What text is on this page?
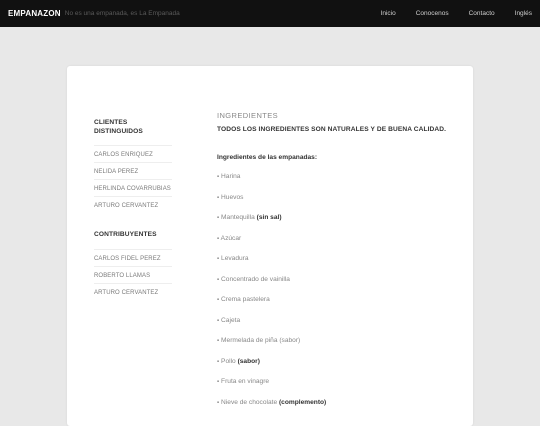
EMPANAZON No es una empanada, es La Empanada	Inicio	Conocenos	Contacto	Inglés
CLIENTES DISTINGUIDOS
CARLOS ENRIQUEZ
NELIDA PEREZ
HERLINDA COVARRUBIAS
ARTURO CERVANTEZ
CONTRIBUYENTES
CARLOS FIDEL PEREZ
ROBERTO LLAMAS
ARTURO CERVANTEZ
INGREDIENTES
TODOS LOS INGREDIENTES SON NATURALES Y DE BUENA CALIDAD.
Ingredientes de las empanadas:
- Harina
- Huevos
- Mantequilla (sin sal)
- Azúcar
- Levadura
- Concentrado de vainilla
- Crema pastelera
- Cajeta
- Mermelada de piña (sabor)
- Pollo (sabor)
- Fruta en vinagre
- Nieve de chocolate (complemento)
